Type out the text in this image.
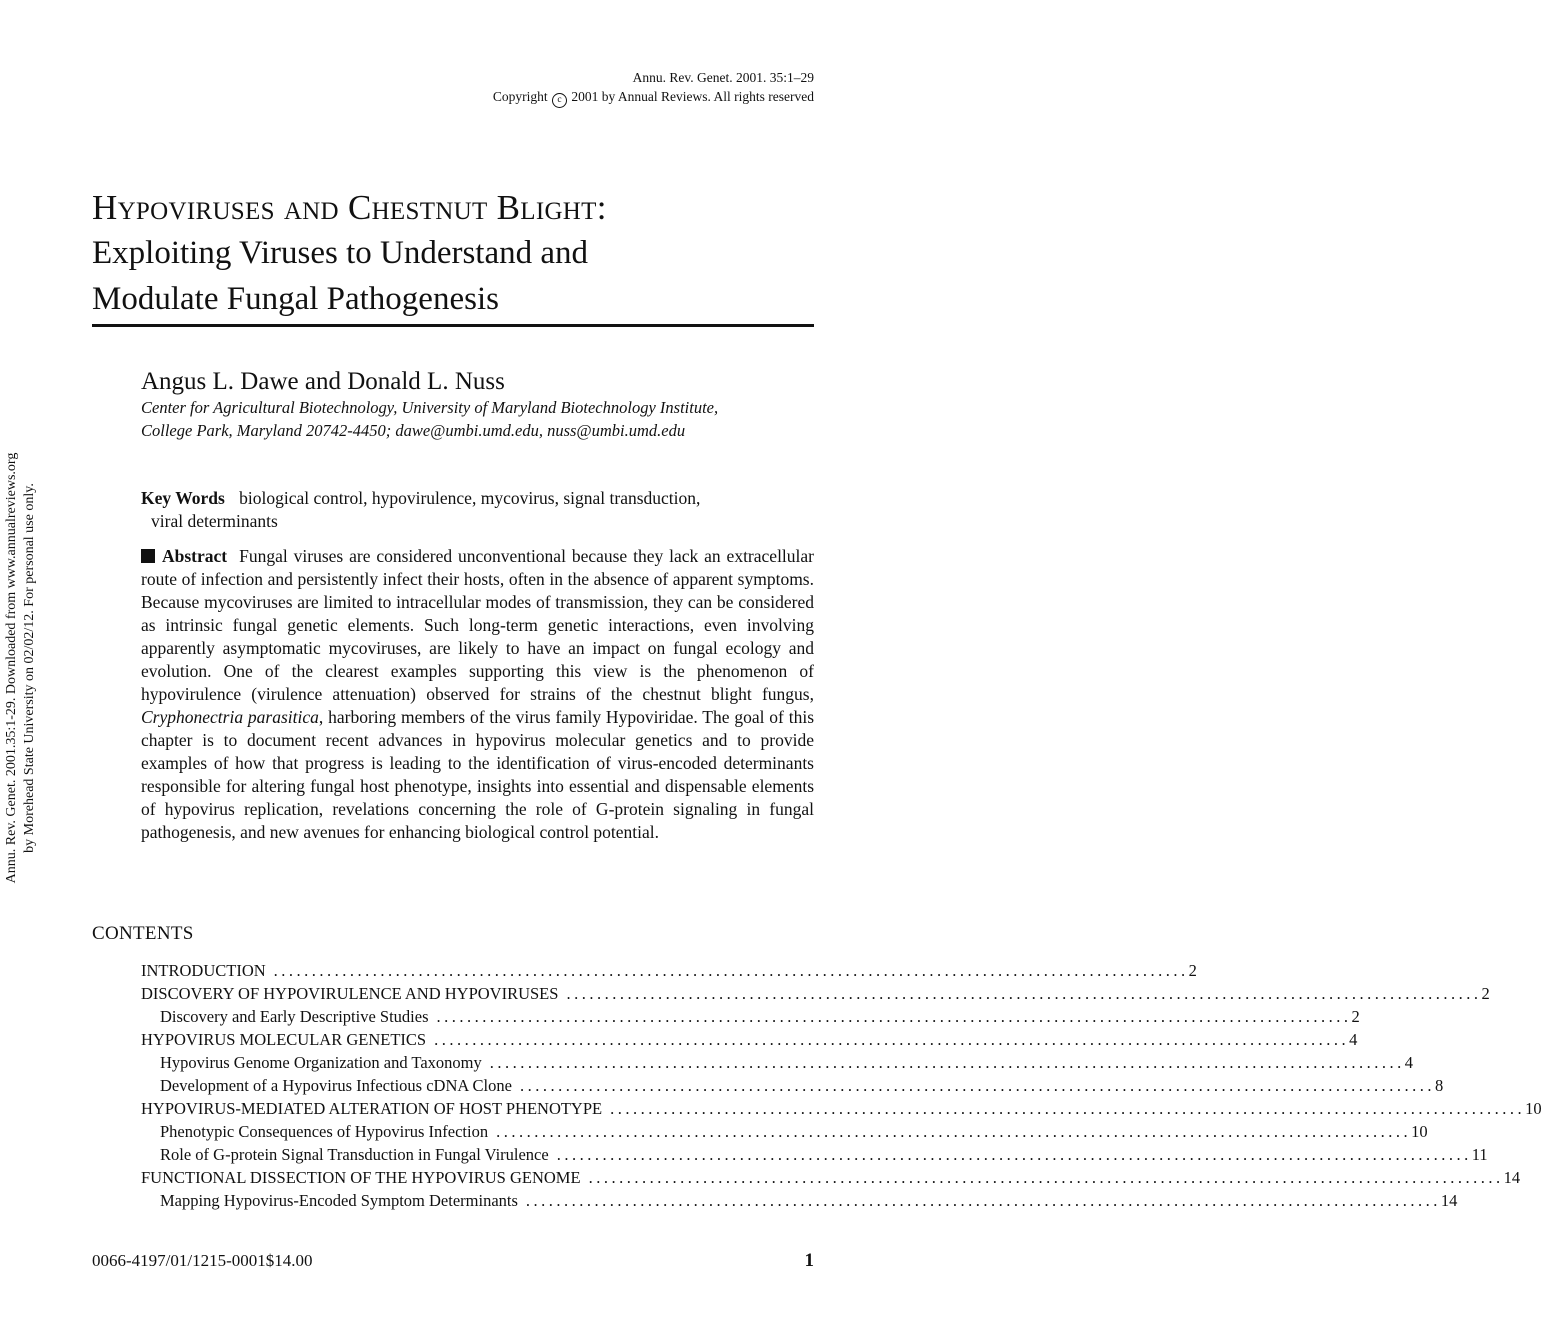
Annu. Rev. Genet. 2001. 35:1–29
Copyright c 2001 by Annual Reviews. All rights reserved
Annu. Rev. Genet. 2001.35:1-29. Downloaded from www.annualreviews.org by Morehead State University on 02/02/12. For personal use only.
Hypoviruses and Chestnut Blight:
Exploiting Viruses to Understand and
Modulate Fungal Pathogenesis
Angus L. Dawe and Donald L. Nuss
Center for Agricultural Biotechnology, University of Maryland Biotechnology Institute,
College Park, Maryland 20742-4450; dawe@umbi.umd.edu, nuss@umbi.umd.edu
Key Words biological control, hypovirulence, mycovirus, signal transduction,
viral determinants
Abstract Fungal viruses are considered unconventional because they lack an extracellular route of infection and persistently infect their hosts, often in the absence of apparent symptoms. Because mycoviruses are limited to intracellular modes of transmission, they can be considered as intrinsic fungal genetic elements. Such long-term genetic interactions, even involving apparently asymptomatic mycoviruses, are likely to have an impact on fungal ecology and evolution. One of the clearest examples supporting this view is the phenomenon of hypovirulence (virulence attenuation) observed for strains of the chestnut blight fungus, Cryphonectria parasitica, harboring members of the virus family Hypoviridae. The goal of this chapter is to document recent advances in hypovirus molecular genetics and to provide examples of how that progress is leading to the identification of virus-encoded determinants responsible for altering fungal host phenotype, insights into essential and dispensable elements of hypovirus replication, revelations concerning the role of G-protein signaling in fungal pathogenesis, and new avenues for enhancing biological control potential.
CONTENTS
INTRODUCTION ........................................................................................................................ 2
DISCOVERY OF HYPOVIRULENCE AND HYPOVIRUSES ........................................................................................................................ 2
Discovery and Early Descriptive Studies ........................................................................................................................ 2
HYPOVIRUS MOLECULAR GENETICS ........................................................................................................................ 4
Hypovirus Genome Organization and Taxonomy ........................................................................................................................ 4
Development of a Hypovirus Infectious cDNA Clone ........................................................................................................................ 8
HYPOVIRUS-MEDIATED ALTERATION OF HOST PHENOTYPE ........................................................................................................................ 10
Phenotypic Consequences of Hypovirus Infection ........................................................................................................................ 10
Role of G-protein Signal Transduction in Fungal Virulence ........................................................................................................................ 11
FUNCTIONAL DISSECTION OF THE HYPOVIRUS GENOME ........................................................................................................................ 14
Mapping Hypovirus-Encoded Symptom Determinants ........................................................................................................................ 14
0066-4197/01/1215-0001$14.00	1
